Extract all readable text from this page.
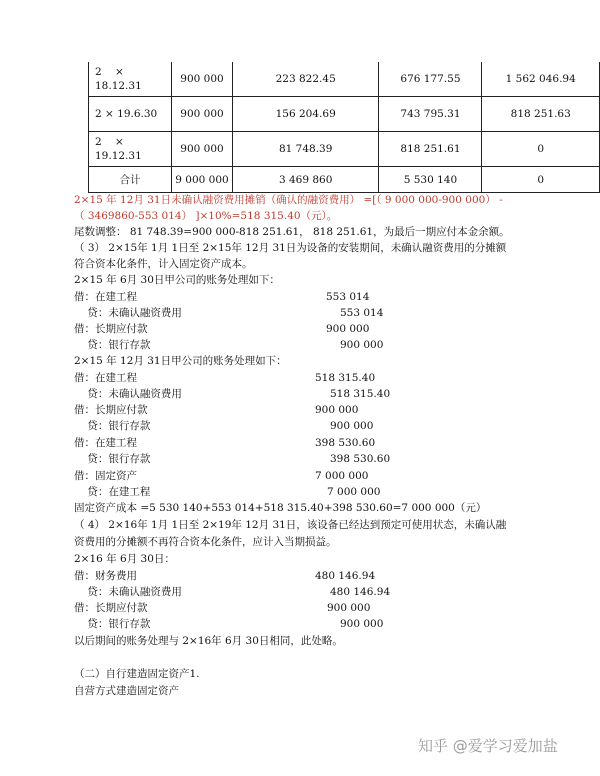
2    ×
18.12.31	900 000	223 822.45	676 177.55	1 562 046.94
2 × 19.6.30	900 000	156 204.69	743 795.31	818 251.63
2    ×
19.12.31	900 000	81 748.39	818 251.61	0
合计	9 000 000	3 469 860	5 530 140	0
2×15 年 12月 31日未确认融资费用摊销（确认的融资费用） =[（ 9 000 000-900 000） -
（ 3469860-553 014） ]×10%=518 315.40（元）。
尾数调整： 81 748.39=900 000-818 251.61， 818 251.61，为最后一期应付本金余额。
（ 3） 2×15年 1月 1日至 2×15年 12月 31日为设备的安装期间，未确认融资费用的分摊额
符合资本化条件，计入固定资产成本。
2×15 年 6月 30日甲公司的账务处理如下：
借：在建工程	553 014
贷：未确认融资费用	553 014
借：长期应付款	900 000
贷：银行存款	900 000
2×15 年 12月 31日甲公司的账务处理如下：
借：在建工程	518 315.40
贷：未确认融资费用	518 315.40
借：长期应付款	900 000
贷：银行存款	900 000
借：在建工程	398 530.60
贷：银行存款	398 530.60
借：固定资产	7 000 000
贷：在建工程	7 000 000
固定资产成本 =5 530 140+553 014+518 315.40+398 530.60=7 000 000（元）
（ 4） 2×16年 1月 1日至 2×19年 12月 31日，该设备已经达到预定可使用状态，未确认融
资费用的分摊额不再符合资本化条件，应计入当期损益。
2×16 年 6月 30日：
借：财务费用	480 146.94
贷：未确认融资费用	480 146.94
借：长期应付款	900 000
贷：银行存款	900 000
以后期间的账务处理与 2×16年 6月 30日相同，此处略。
（二）自行建造固定资产1.
自营方式建造固定资产
知乎 @爱学习爱加盐
